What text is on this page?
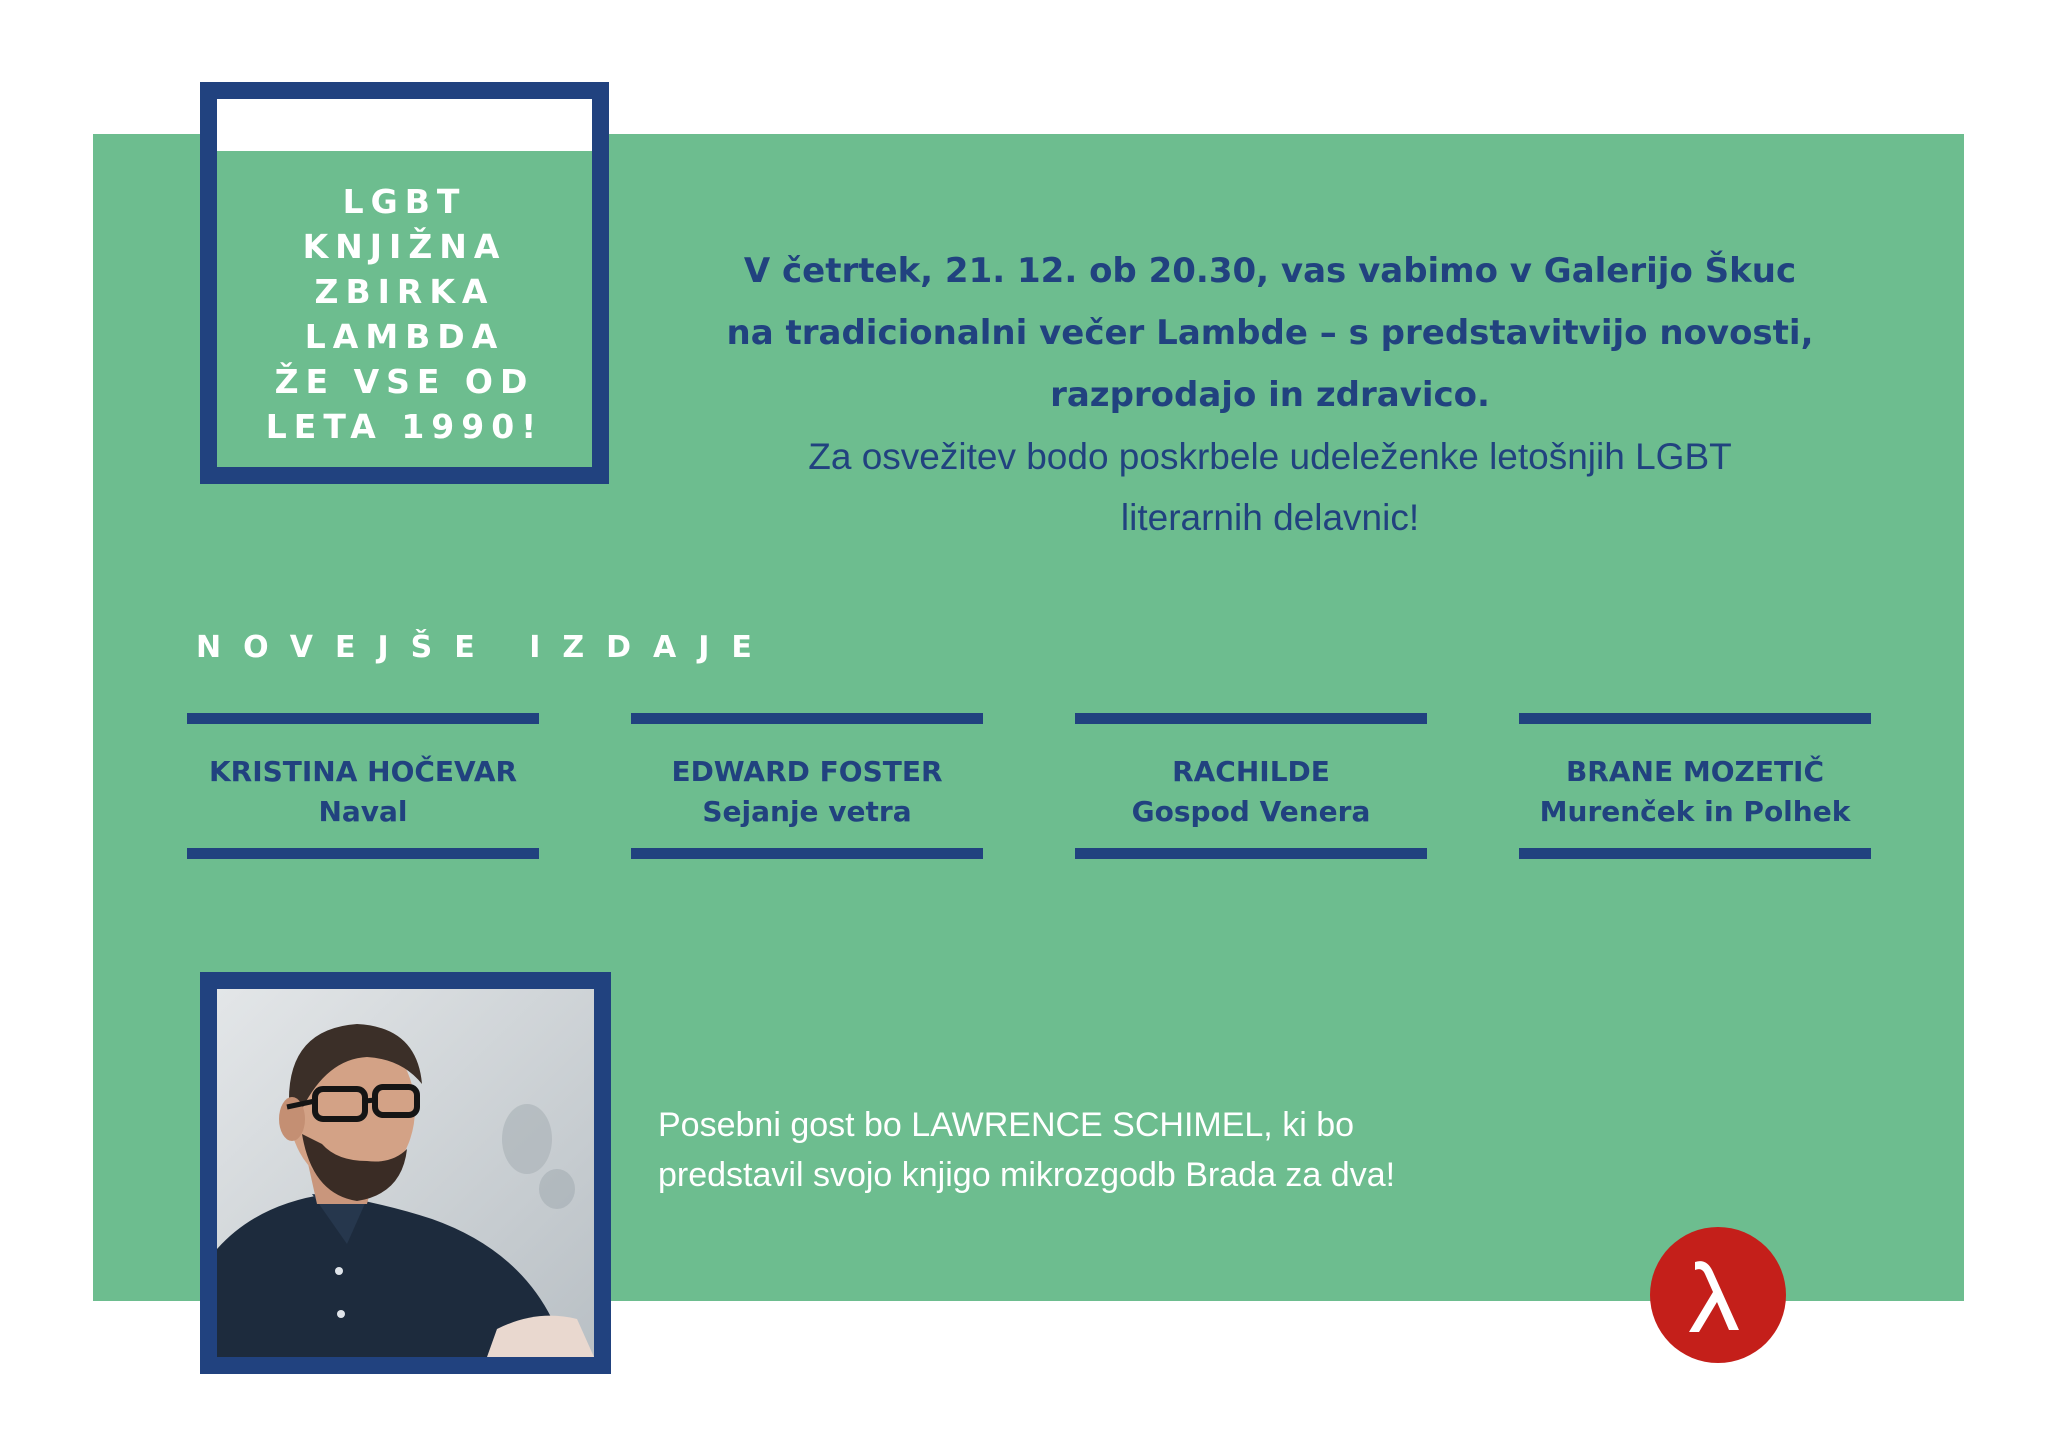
LGBT
KNJIŽNA
ZBIRKA
LAMBDA
ŽE VSE OD
LETA 1990!
V četrtek, 21. 12. ob 20.30, vas vabimo v Galerijo Škuc
na tradicionalni večer Lambde – s predstavitvijo novosti,
razprodajo in zdravico.
Za osvežitev bodo poskrbele udeleženke letošnjih LGBT
literarnih delavnic!
NOVEJŠE IZDAJE
KRISTINA HOČEVAR
Naval
EDWARD FOSTER
Sejanje vetra
RACHILDE
Gospod Venera
BRANE MOZETIČ
Murenček in Polhek
Posebni gost bo LAWRENCE SCHIMEL, ki bo
predstavil svojo knjigo mikrozgodb Brada za dva!
